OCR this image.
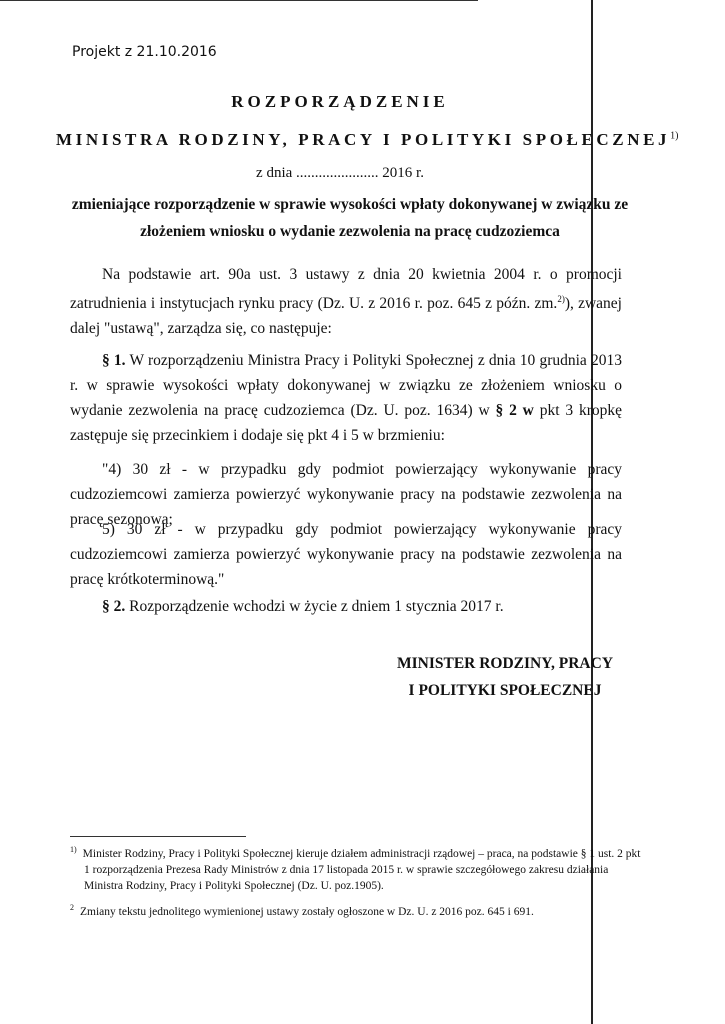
Projekt z 21.10.2016
ROZPORZĄDZENIE
MINISTRA RODZINY, PRACY I POLITYKI SPOŁECZNEJ$^{1)}$
z dnia ...................... 2016 r.
zmieniające rozporządzenie w sprawie wysokości wpłaty dokonywanej w związku ze
złożeniem wniosku o wydanie zezwolenia na pracę cudzoziemca
Na podstawie art. 90a ust. 3 ustawy z dnia 20 kwietnia 2004 r. o promocji zatrudnienia i instytucjach rynku pracy (Dz. U. z 2016 r. poz. 645 z późn. zm.$^{2)}$), zwanej dalej "ustawą", zarządza się, co następuje:
§ 1. W rozporządzeniu Ministra Pracy i Polityki Społecznej z dnia 10 grudnia 2013 r. w sprawie wysokości wpłaty dokonywanej w związku ze złożeniem wniosku o wydanie zezwolenia na pracę cudzoziemca (Dz. U. poz. 1634) w § 2 w pkt 3 kropkę zastępuje się przecinkiem i dodaje się pkt 4 i 5 w brzmieniu:
"4) 30 zł - w przypadku gdy podmiot powierzający wykonywanie pracy cudzoziemcowi zamierza powierzyć wykonywanie pracy na podstawie zezwolenia na pracę sezonową;
5) 30 zł - w przypadku gdy podmiot powierzający wykonywanie pracy cudzoziemcowi zamierza powierzyć wykonywanie pracy na podstawie zezwolenia na pracę krótkoterminową."
§ 2. Rozporządzenie wchodzi w życie z dniem 1 stycznia 2017 r.
MINISTER RODZINY, PRACY
I POLITYKI SPOŁECZNEJ
$^{1)}$ Minister Rodziny, Pracy i Polityki Społecznej kieruje działem administracji rządowej – praca, na podstawie § 1 ust. 2 pkt 1 rozporządzenia Prezesa Rady Ministrów z dnia 17 listopada 2015 r. w sprawie szczegółowego zakresu działania Ministra Rodziny, Pracy i Polityki Społecznej (Dz. U. poz.1905).
$^2$ Zmiany tekstu jednolitego wymienionej ustawy zostały ogłoszone w Dz. U. z 2016 poz. 645 i 691.
